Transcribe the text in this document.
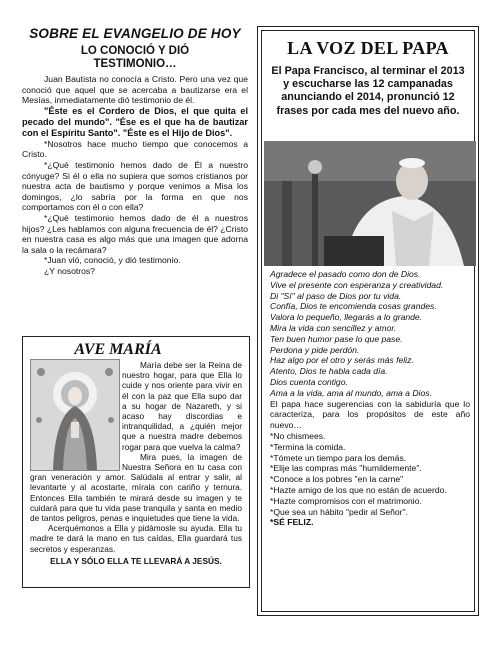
SOBRE EL EVANGELIO DE HOY
LO CONOCIÓ Y DIÓ
TESTIMONIO…

Juan Bautista no conocía a Cristo. Pero una vez que conoció que aquel que se acercaba a bautizarse era el Mesías, inmediatamente dió testimonio de él.

"Éste es el Cordero de Dios, el que quita el pecado del mundo". "Ése es el que ha de bautizar con el Espíritu Santo". "Éste es el Hijo de Dios".

*Nosotros hace mucho tiempo que conocemos a Cristo.

*¿Qué testimonio hemos dado de Él a nuestro cónyuge? Si él o ella no supiera que somos cristianos por nuestra acta de bautismo y porque venimos a Misa los domingos, ¿lo sabría por la forma en que nos comportamos con él o con ella?

*¿Qué testimonio hemos dado de él a nuestros hijos? ¿Les hablamos con alguna frecuencia de él? ¿Cristo en nuestra casa es algo más que una imagen que adorna la sala o la recámara?

*Juan vió, conoció, y dió testimonio.

¿Y nosotros?

AVE MARÍA

María debe ser la Reina de nuestro hogar, para que Ella lo cuide y nos oriente para vivir en él con la paz que Ella supo dar a su hogar de Nazareth, y si acaso hay discordias e intranquilidad, a ¿quién mejor que a nuestra madre debemos rogar para que vuelva la calma?

Mira pues, la imagen de Nuestra Señora en tu casa con gran veneración y amor. Salúdala al entrar y salir, al levantarte y al acostarte, mírala con cariño y ternura. Entonces Ella también te mirará desde su imagen y te cuidará para que tu vida pase tranquila y santa en medio de tantos peligros, penas e inquietudes que tiene la vida.

Acerquémonos a Ella y pidámosle su ayuda. Ella tu madre te dará la mano en tus caídas, Ella guardará tus secretos y esperanzas.

ELLA Y SÓLO ELLA TE LLEVARÁ A JESÚS.

LA VOZ DEL PAPA
El Papa Francisco, al terminar el 2013 y escucharse las 12 campanadas anunciando el 2014, pronunció 12 frases por cada mes del nuevo año.

Agradece el pasado como don de Dios.

Vive el presente con esperanza y creatividad.

Di "Sí" al paso de Dios por tu vida.

Confía, Dios te encomienda cosas grandes.

Valora lo pequeño, llegarás a lo grande.

Mira la vida con sencillez y amor.

Ten buen humor pase lo que pase.

Perdona y pide perdón.

Haz algo por el otro y serás más feliz.

Atento, Dios te habla cada día.

Dios cuenta contigo.

Ama a la vida, ama al mundo, ama a Dios.

El papa hace sugerencias con la sabiduría que lo caracteriza, para los propósitos de este año nuevo…

*No chismees.

*Termina la comida.

*Tómete un tiempo para los demás.

*Elije las compras más "humildemente".

*Conoce a los pobres "en la carne"

*Hazte amigo de los que no están de acuerdo.

*Hazte compromisos con el matrimonio.

*Que sea un hábito "pedir al Señor".

*SÉ FELIZ.
